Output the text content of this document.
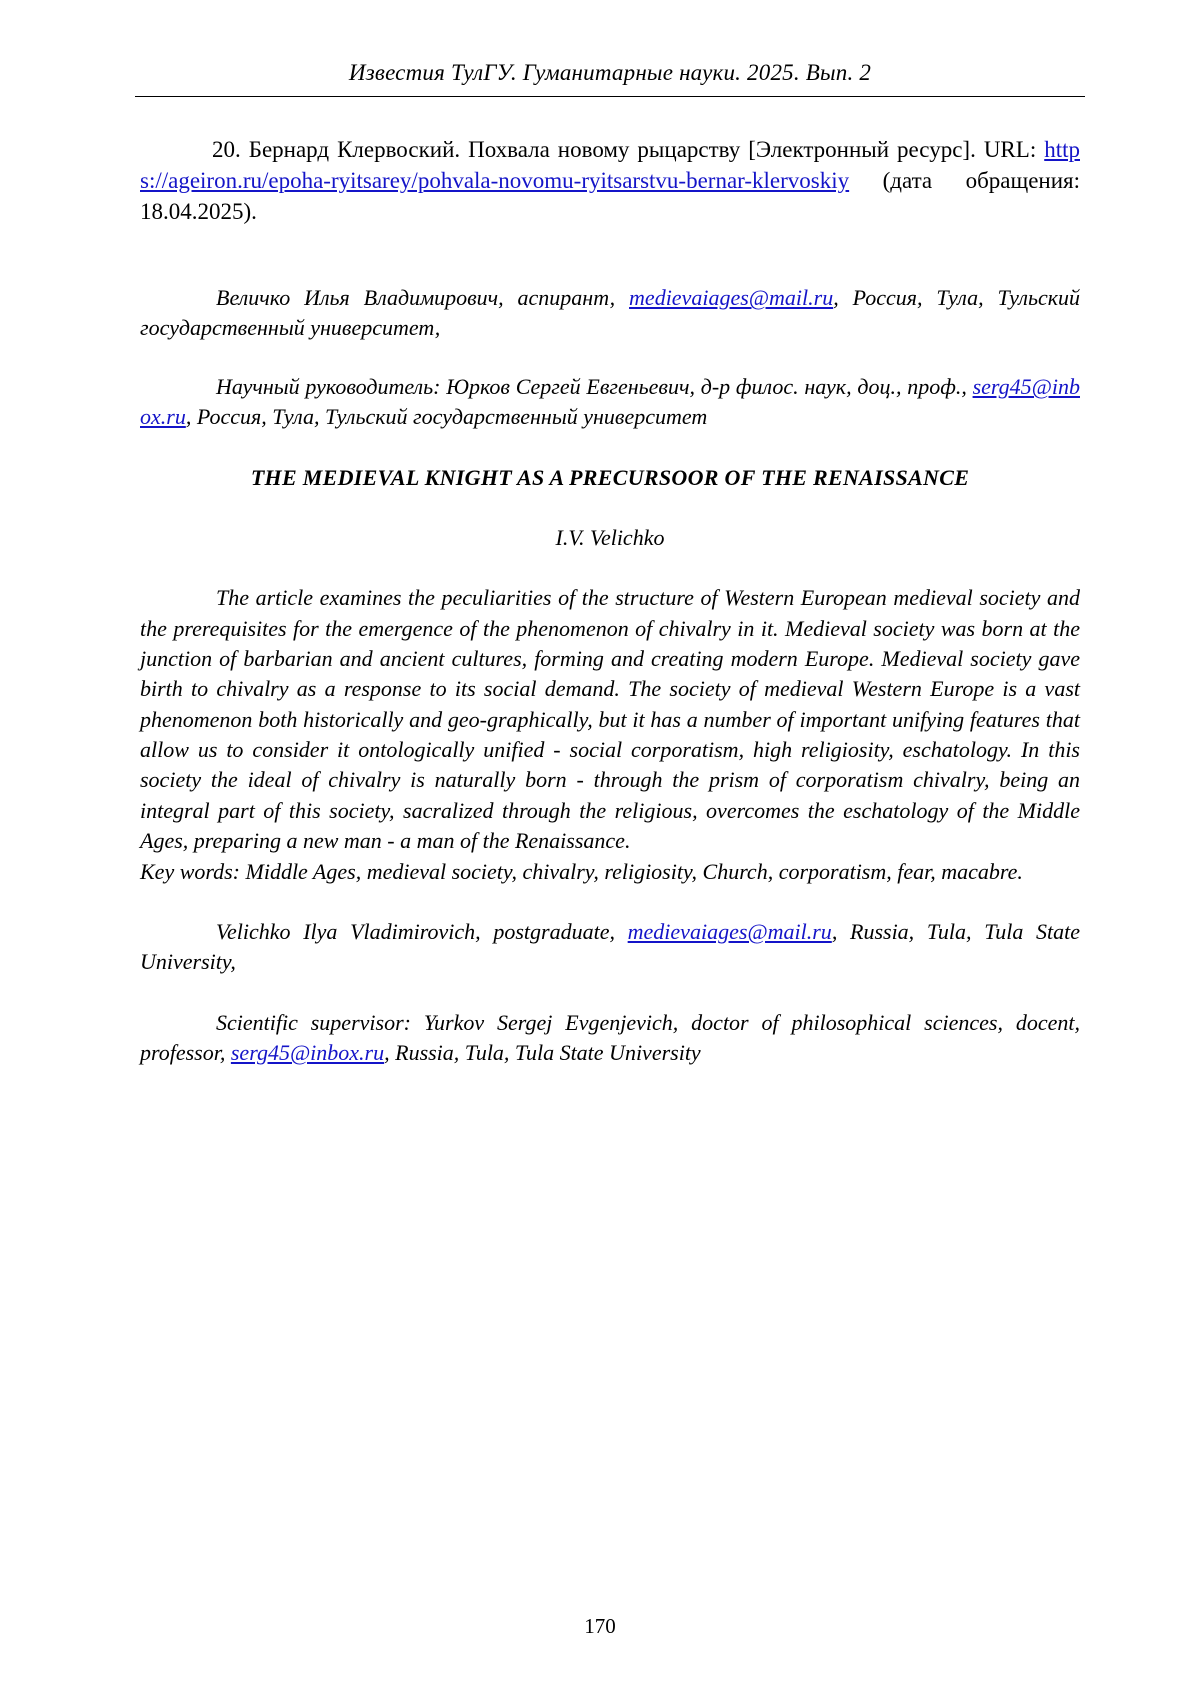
Известия ТулГУ. Гуманитарные науки. 2025. Вып. 2
20. Бернард Клервоский. Похвала новому рыцарству [Электронный ресурс]. URL: https://ageiron.ru/epoha-ryitsarey/pohvala-novomu-ryitsarstvu-bernar-klervoskiy (дата обращения: 18.04.2025).
Величко Илья Владимирович, аспирант, medievaiages@mail.ru, Россия, Тула, Тульский государственный университет,
Научный руководитель: Юрков Сергей Евгеньевич, д-р филос. наук, доц., проф., serg45@inbox.ru, Россия, Тула, Тульский государственный университет
THE MEDIEVAL KNIGHT AS A PRECURSOOR OF THE RENAISSANCE
I.V. Velichko

The article examines the peculiarities of the structure of Western European medieval society and the prerequisites for the emergence of the phenomenon of chivalry in it. Medieval society was born at the junction of barbarian and ancient cultures, forming and creating modern Europe. Medieval society gave birth to chivalry as a response to its social demand. The society of medieval Western Europe is a vast phenomenon both historically and geo-graphically, but it has a number of important unifying features that allow us to consider it ontologically unified - social corporatism, high religiosity, eschatology. In this society the ideal of chivalry is naturally born - through the prism of corporatism chivalry, being an integral part of this society, sacralized through the religious, overcomes the eschatology of the Middle Ages, preparing a new man - a man of the Renaissance.

Key words: Middle Ages, medieval society, chivalry, religiosity, Church, corporatism, fear, macabre.
Velichko Ilya Vladimirovich, postgraduate, medievaiages@mail.ru, Russia, Tula, Tula State University,
Scientific supervisor: Yurkov Sergej Evgenjevich, doctor of philosophical sciences, docent, professor, serg45@inbox.ru, Russia, Tula, Tula State University
170
